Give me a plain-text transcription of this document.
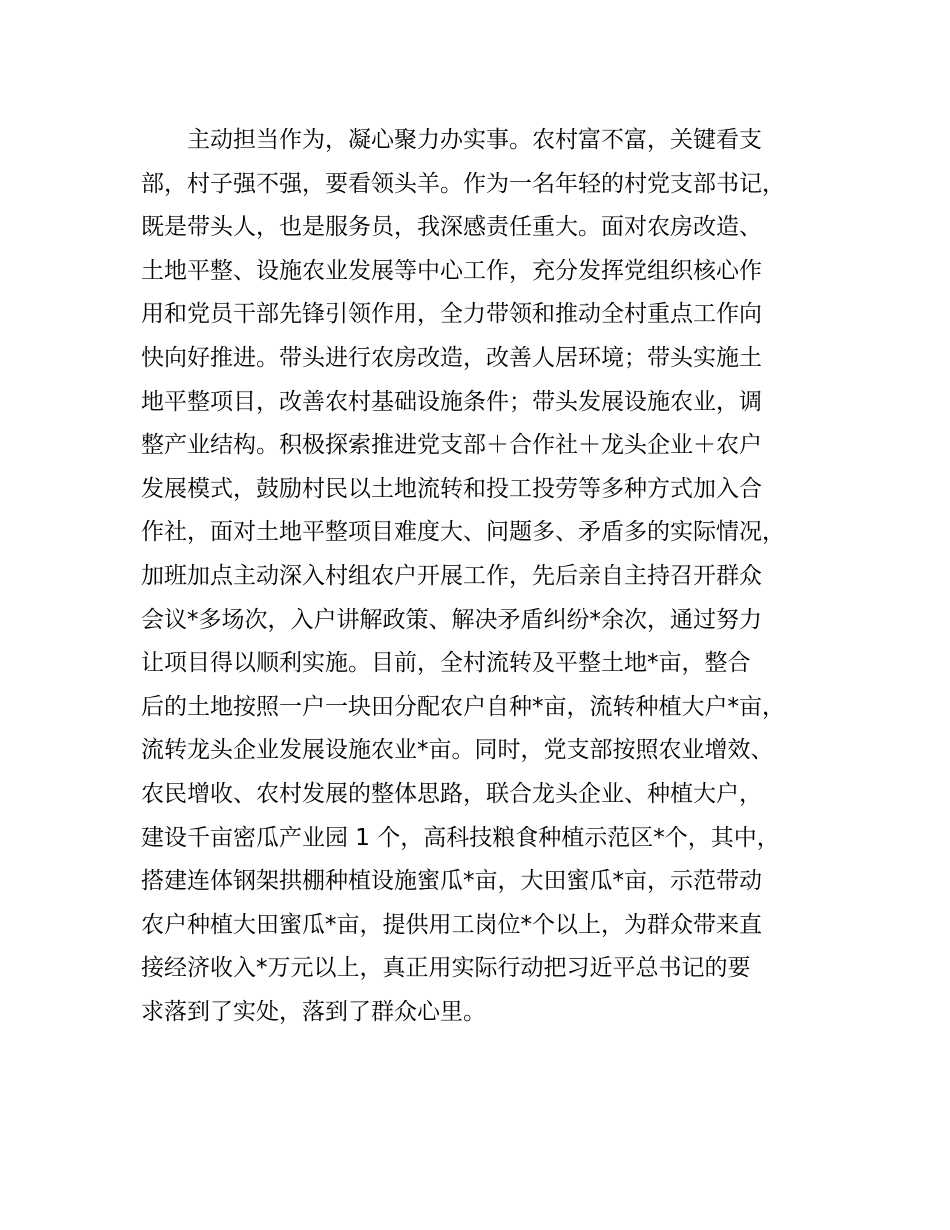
主动担当作为，凝心聚力办实事。农村富不富，关键看支
部，村子强不强，要看领头羊。作为一名年轻的村党支部书记，
既是带头人，也是服务员，我深感责任重大。面对农房改造、
土地平整、设施农业发展等中心工作，充分发挥党组织核心作
用和党员干部先锋引领作用，全力带领和推动全村重点工作向
快向好推进。带头进行农房改造，改善人居环境；带头实施土
地平整项目，改善农村基础设施条件；带头发展设施农业，调
整产业结构。积极探索推进党支部＋合作社＋龙头企业＋农户
发展模式，鼓励村民以土地流转和投工投劳等多种方式加入合
作社，面对土地平整项目难度大、问题多、矛盾多的实际情况，
加班加点主动深入村组农户开展工作，先后亲自主持召开群众
会议*多场次，入户讲解政策、解决矛盾纠纷*余次，通过努力
让项目得以顺利实施。目前，全村流转及平整土地*亩，整合
后的土地按照一户一块田分配农户自种*亩，流转种植大户*亩，
流转龙头企业发展设施农业*亩。同时，党支部按照农业增效、
农民增收、农村发展的整体思路，联合龙头企业、种植大户，
建设千亩密瓜产业园 1 个，高科技粮食种植示范区*个，其中，
搭建连体钢架拱棚种植设施蜜瓜*亩，大田蜜瓜*亩，示范带动
农户种植大田蜜瓜*亩，提供用工岗位*个以上，为群众带来直
接经济收入*万元以上，真正用实际行动把习近平总书记的要
求落到了实处，落到了群众心里。
